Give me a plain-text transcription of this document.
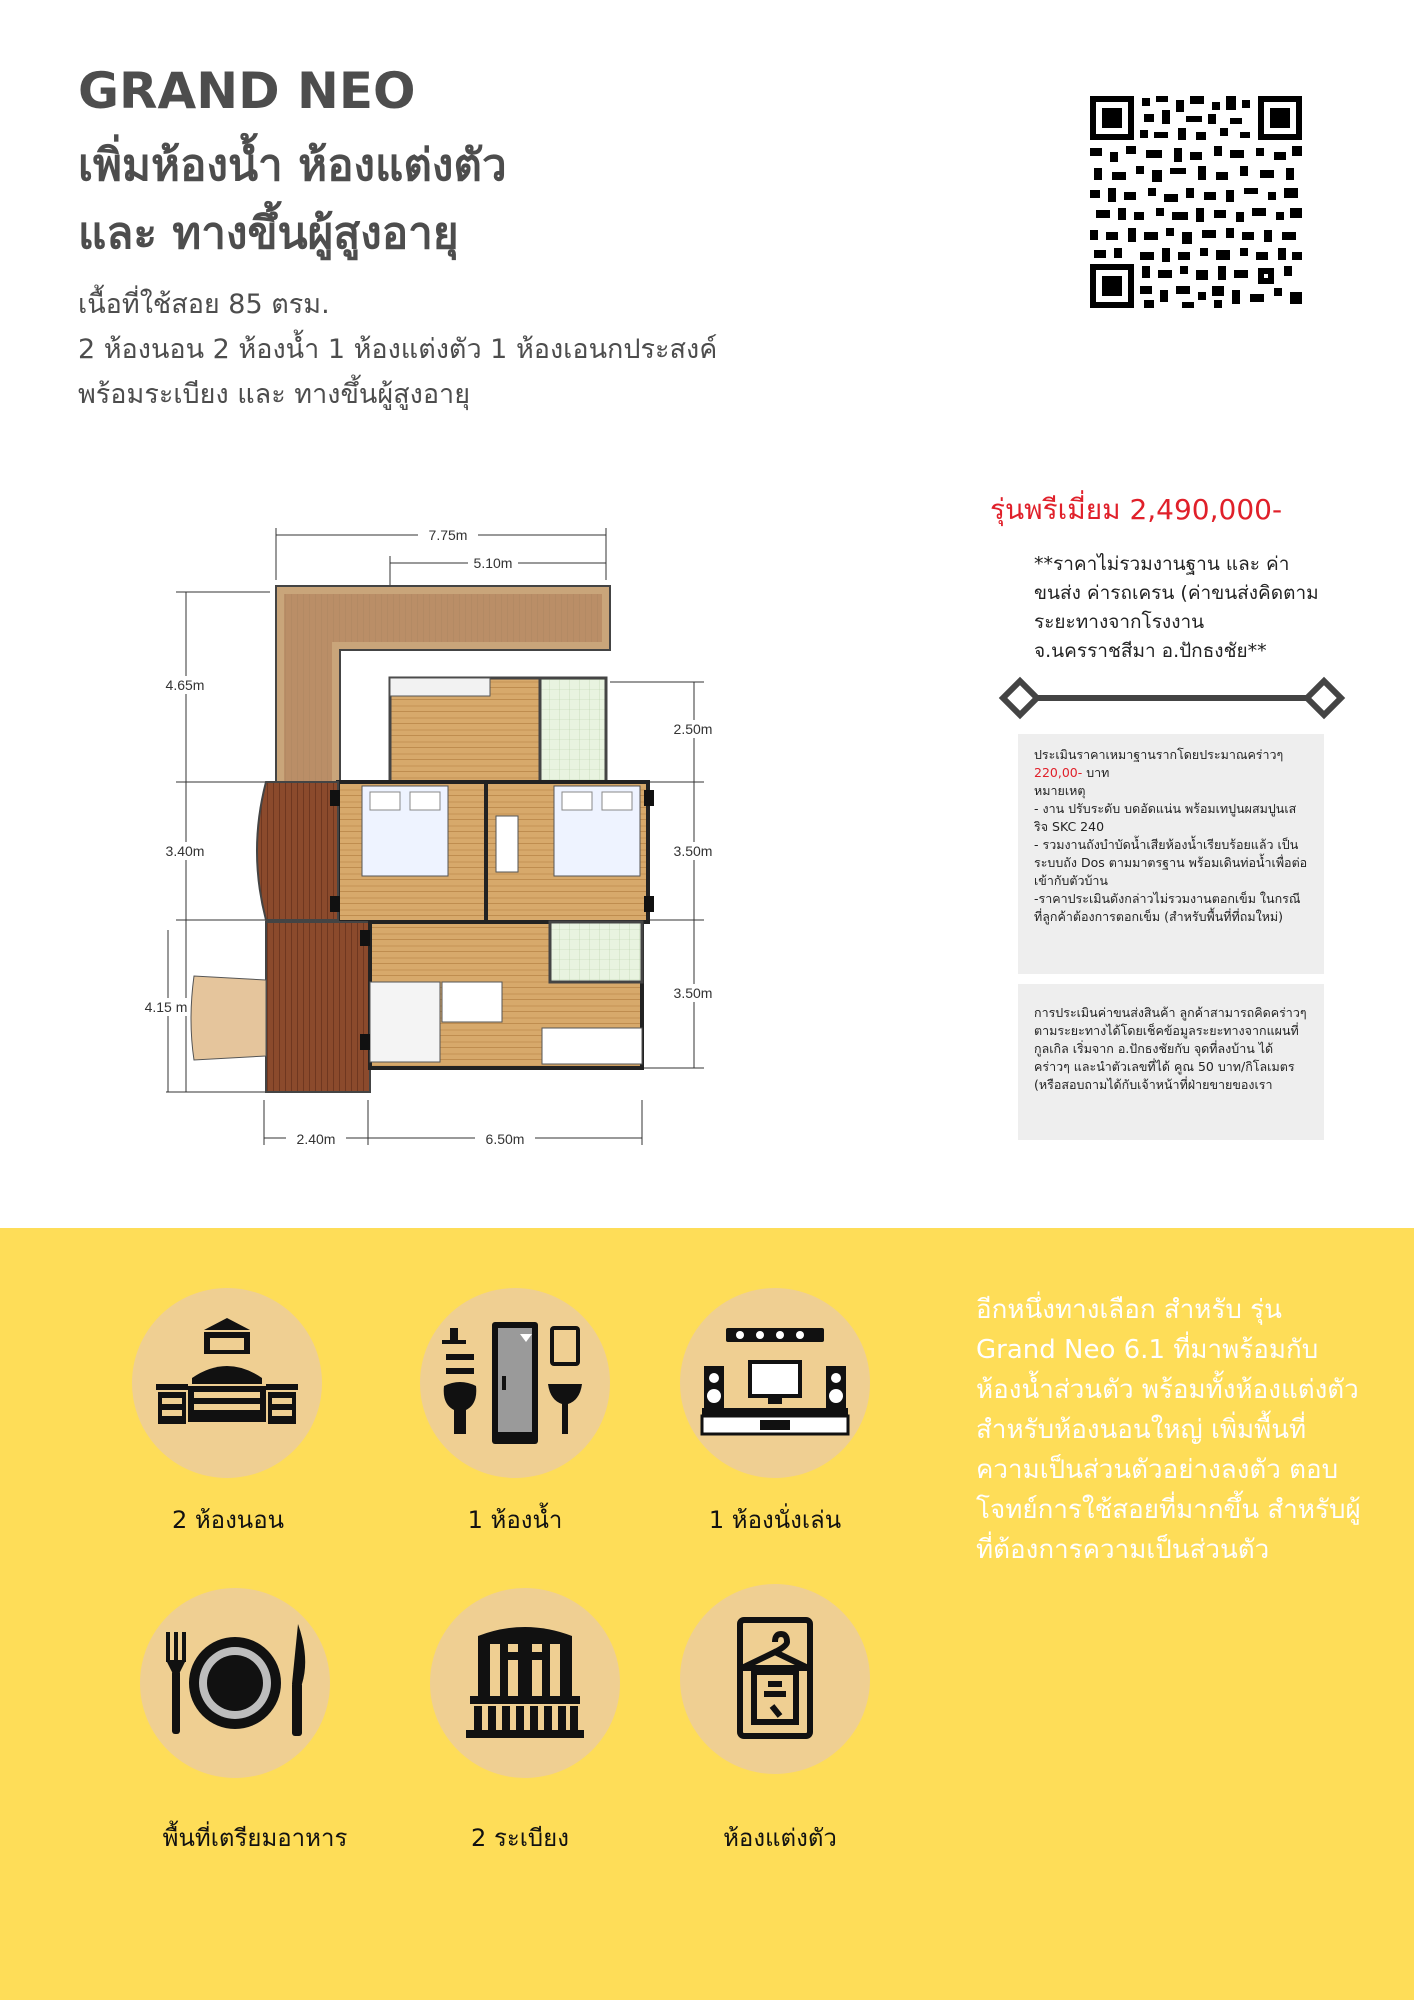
GRAND NEO
เพิ่มห้องน้ำ ห้องแต่งตัว
และ ทางขึ้นผู้สูงอายุ
เนื้อที่ใช้สอย 85 ตรม.
2 ห้องนอน 2 ห้องน้ำ 1 ห้องแต่งตัว 1 ห้องเอนกประสงค์
พร้อมระเบียง และ ทางขึ้นผู้สูงอายุ
7.75m
5.10m
4.65m
3.40m
4.15 m
2.50m
3.50m
3.50m
2.40m	6.50m
รุ่นพรีเมี่ยม 2,490,000-
**ราคาไม่รวมงานฐาน และ ค่าขนส่ง ค่ารถเครน (ค่าขนส่งคิดตามระยะทางจากโรงงาน จ.นครราชสีมา อ.ปักธงชัย**
ประเมินราคาเหมาฐานรากโดยประมาณคร่าวๆ
220,00- บาท
หมายเหตุ
- งาน ปรับระดับ บดอัดแน่น พร้อมเทปูนผสมปูนเสริจ SKC 240
- รวมงานถังบำบัดน้ำเสียห้องน้ำเรียบร้อยแล้ว เป็นระบบถัง Dos ตามมาตรฐาน พร้อมเดินท่อน้ำเพื่อต่อเข้ากับตัวบ้าน
-ราคาประเมินดังกล่าวไม่รวมงานตอกเข็ม ในกรณีที่ลูกค้าต้องการตอกเข็ม (สำหรับพื้นที่ที่ถมใหม่)
การประเมินค่าขนส่งสินค้า ลูกค้าสามารถคิดคร่าวๆตามระยะทางได้โดยเช็คข้อมูลระยะทางจากแผนที่กูลเกิล เริ่มจาก อ.ปักธงชัยกับ จุดที่ลงบ้าน ได้คร่าวๆ และนำตัวเลขที่ได้ คูณ 50 บาท/กิโลเมตร (หรือสอบถามได้กับเจ้าหน้าที่ฝ่ายขายของเรา
2 ห้องนอน	1 ห้องน้ำ	1 ห้องนั่งเล่น
พื้นที่เตรียมอาหาร	2 ระเบียง	ห้องแต่งตัว
อีกหนึ่งทางเลือก สำหรับ รุ่น Grand Neo 6.1 ที่มาพร้อมกับห้องน้ำส่วนตัว พร้อมทั้งห้องแต่งตัว สำหรับห้องนอนใหญ่ เพิ่มพื้นที่ความเป็นส่วนตัวอย่างลงตัว ตอบโจทย์การใช้สอยที่มากขึ้น สำหรับผู้ที่ต้องการความเป็นส่วนตัว
